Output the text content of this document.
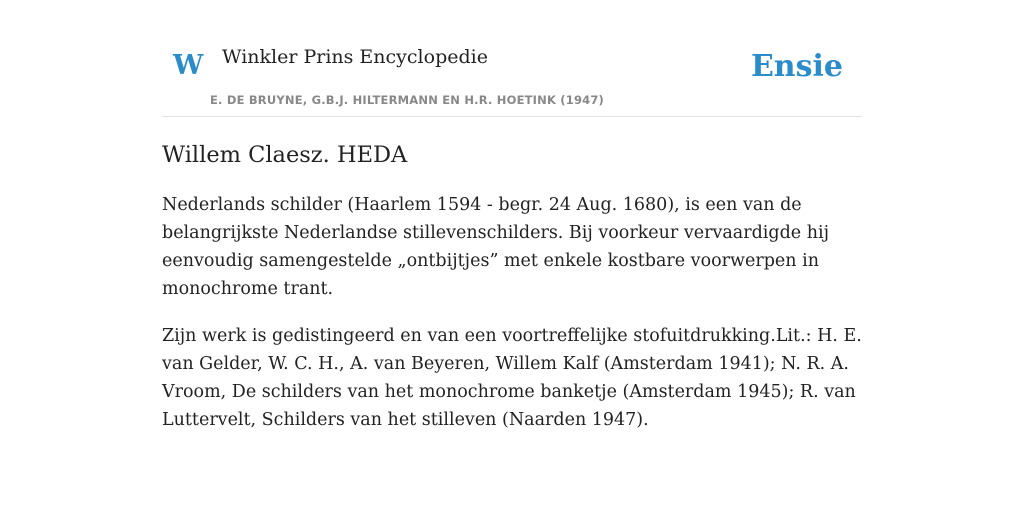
W Winkler Prins Encyclopedie
E. DE BRUYNE, G.B.J. HILTERMANN EN H.R. HOETINK (1947)
Ensie
Willem Claesz. HEDA

Nederlands schilder (Haarlem 1594 - begr. 24 Aug. 1680), is een van de belangrijkste Nederlandse stillevenschilders. Bij voorkeur vervaardigde hij eenvoudig samengestelde „ontbijtjes” met enkele kostbare voorwerpen in monochrome trant.

Zijn werk is gedistingeerd en van een voortreffelijke stofuitdrukking.Lit.: H. E. van Gelder, W. C. H., A. van Beyeren, Willem Kalf (Amsterdam 1941); N. R. A. Vroom, De schilders van het monochrome banketje (Amsterdam 1945); R. van Luttervelt, Schilders van het stilleven (Naarden 1947).
